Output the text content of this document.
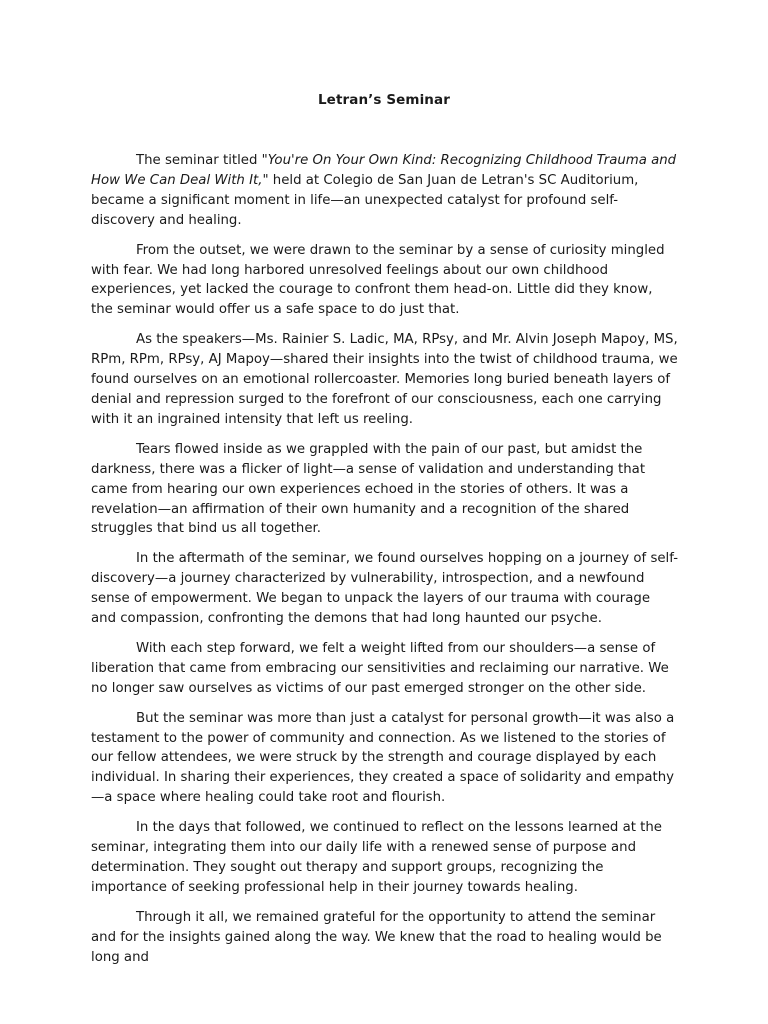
Letran’s Seminar

The seminar titled "You're On Your Own Kind: Recognizing Childhood Trauma and How We Can Deal With It," held at Colegio de San Juan de Letran's SC Auditorium, became a significant moment in life—an unexpected catalyst for profound self-discovery and healing.

From the outset, we were drawn to the seminar by a sense of curiosity mingled with fear. We had long harbored unresolved feelings about our own childhood experiences, yet lacked the courage to confront them head-on. Little did they know, the seminar would offer us a safe space to do just that.

As the speakers—Ms. Rainier S. Ladic, MA, RPsy, and Mr. Alvin Joseph Mapoy, MS, RPm, RPm, RPsy, AJ Mapoy—shared their insights into the twist of childhood trauma, we found ourselves on an emotional rollercoaster. Memories long buried beneath layers of denial and repression surged to the forefront of our consciousness, each one carrying with it an ingrained intensity that left us reeling.

Tears flowed inside as we grappled with the pain of our past, but amidst the darkness, there was a flicker of light—a sense of validation and understanding that came from hearing our own experiences echoed in the stories of others. It was a revelation—an affirmation of their own humanity and a recognition of the shared struggles that bind us all together.

In the aftermath of the seminar, we found ourselves hopping on a journey of self-discovery—a journey characterized by vulnerability, introspection, and a newfound sense of empowerment. We began to unpack the layers of our trauma with courage and compassion, confronting the demons that had long haunted our psyche.

With each step forward, we felt a weight lifted from our shoulders—a sense of liberation that came from embracing our sensitivities and reclaiming our narrative. We no longer saw ourselves as victims of our past emerged stronger on the other side.

But the seminar was more than just a catalyst for personal growth—it was also a testament to the power of community and connection. As we listened to the stories of our fellow attendees, we were struck by the strength and courage displayed by each individual. In sharing their experiences, they created a space of solidarity and empathy—a space where healing could take root and flourish.

In the days that followed, we continued to reflect on the lessons learned at the seminar, integrating them into our daily life with a renewed sense of purpose and determination. They sought out therapy and support groups, recognizing the importance of seeking professional help in their journey towards healing.

Through it all, we remained grateful for the opportunity to attend the seminar and for the insights gained along the way. We knew that the road to healing would be long and
